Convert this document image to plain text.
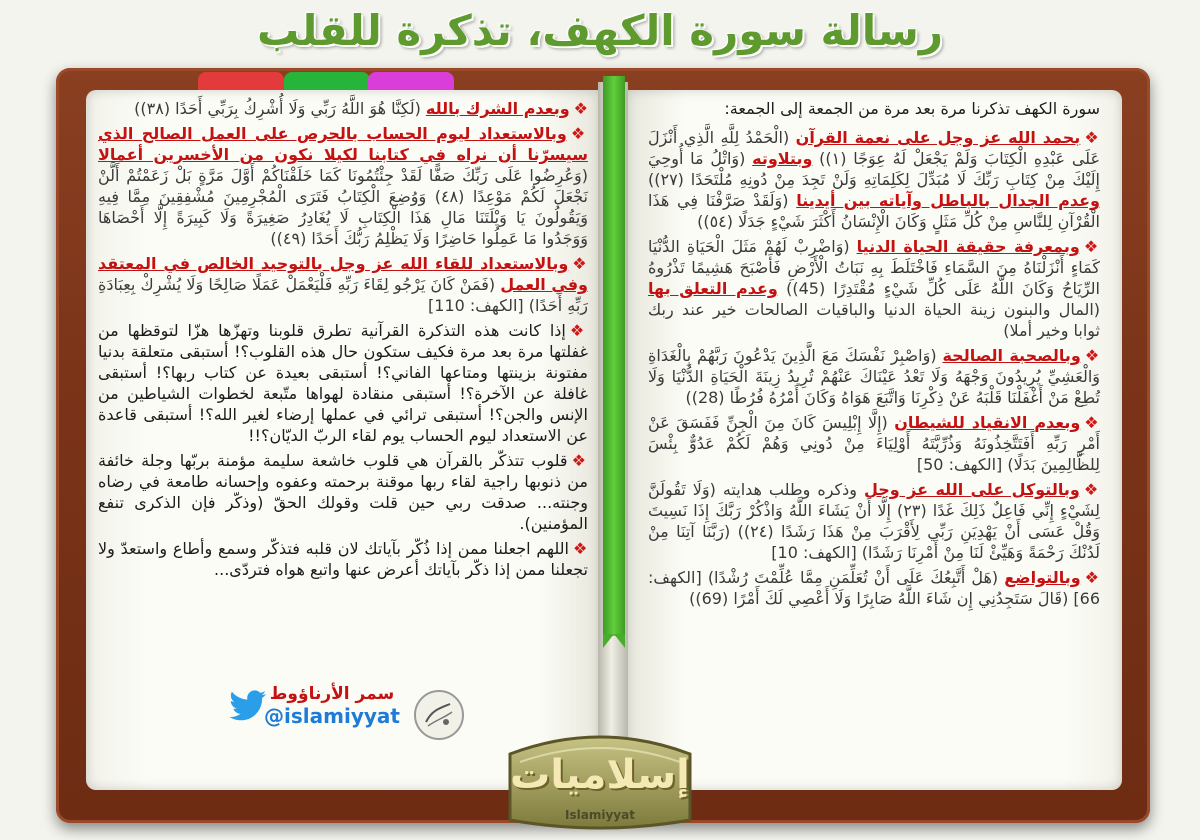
رسالة سورة الكهف، تذكرة للقلب

سورة الكهف تذكرنا مرة بعد مرة من الجمعة إلى الجمعة:

❖بحمد الله عز وجل على نعمة القرآن (الْحَمْدُ لِلَّهِ الَّذِي أَنْزَلَ عَلَى عَبْدِهِ الْكِتَابَ وَلَمْ يَجْعَلْ لَهُ عِوَجًا (١)) وبتلاوته (وَاتْلُ مَا أُوحِيَ إِلَيْكَ مِنْ كِتَابِ رَبِّكَ لَا مُبَدِّلَ لِكَلِمَاتِهِ وَلَنْ تَجِدَ مِنْ دُونِهِ مُلْتَحَدًا (٢٧)) وعدم الجدال بالباطل وآياته بين أيدينا (وَلَقَدْ صَرَّفْنَا فِي هَذَا الْقُرْآنِ لِلنَّاسِ مِنْ كُلِّ مَثَلٍ وَكَانَ الْإِنْسَانُ أَكْثَرَ شَيْءٍ جَدَلًا (٥٤))

❖وبمعرفة حقيقة الحياة الدنيا (وَاضْرِبْ لَهُمْ مَثَلَ الْحَيَاةِ الدُّنْيَا كَمَاءٍ أَنْزَلْنَاهُ مِنَ السَّمَاءِ فَاخْتَلَطَ بِهِ نَبَاتُ الْأَرْضِ فَأَصْبَحَ هَشِيمًا تَذْرُوهُ الرِّيَاحُ وَكَانَ اللَّهُ عَلَى كُلِّ شَيْءٍ مُقْتَدِرًا (45)) وعدم التعلق بها (المال والبنون زينة الحياة الدنيا والباقيات الصالحات خير عند ربك ثوابا وخير أملا)

❖وبالصحبة الصالحة (وَاصْبِرْ نَفْسَكَ مَعَ الَّذِينَ يَدْعُونَ رَبَّهُمْ بِالْغَدَاةِ وَالْعَشِيِّ يُرِيدُونَ وَجْهَهُ وَلَا تَعْدُ عَيْنَاكَ عَنْهُمْ تُرِيدُ زِينَةَ الْحَيَاةِ الدُّنْيَا وَلَا تُطِعْ مَنْ أَغْفَلْنَا قَلْبَهُ عَنْ ذِكْرِنَا وَاتَّبَعَ هَوَاهُ وَكَانَ أَمْرُهُ فُرُطًا (28))

❖وبعدم الانقياد للشيطان (إِلَّا إِبْلِيسَ كَانَ مِنَ الْجِنِّ فَفَسَقَ عَنْ أَمْرِ رَبِّهِ أَفَتَتَّخِذُونَهُ وَذُرِّيَّتَهُ أَوْلِيَاءَ مِنْ دُونِي وَهُمْ لَكُمْ عَدُوٌّ بِئْسَ لِلظَّالِمِينَ بَدَلًا) [الكهف: 50]

❖وبالتوكل على الله عز وجل وذكره وطلب هدايته (وَلَا تَقُولَنَّ لِشَيْءٍ إِنِّي فَاعِلٌ ذَلِكَ غَدًا (٢٣) إِلَّا أَنْ يَشَاءَ اللَّهُ وَاذْكُرْ رَبَّكَ إِذَا نَسِيتَ وَقُلْ عَسَى أَنْ يَهْدِيَنِ رَبِّي لِأَقْرَبَ مِنْ هَذَا رَشَدًا (٢٤)) (رَبَّنَا آتِنَا مِنْ لَدُنْكَ رَحْمَةً وَهَيِّئْ لَنَا مِنْ أَمْرِنَا رَشَدًا) [الكهف: 10]

❖وبالتواضع (هَلْ أَتَّبِعُكَ عَلَى أَنْ تُعَلِّمَنِ مِمَّا عُلِّمْتَ رُشْدًا) [الكهف: 66] (قَالَ سَتَجِدُنِي إِن شَاءَ اللَّهُ صَابِرًا وَلَا أَعْصِي لَكَ أَمْرًا (69))

❖وبعدم الشرك بالله (لَكِنَّا هُوَ اللَّهُ رَبِّي وَلَا أُشْرِكُ بِرَبِّي أَحَدًا (٣٨))

❖وبالاستعداد ليوم الحساب بالحرص على العمل الصالح الذي سيسرّنا أن نراه في كتابنا لكيلا نكون من الأخسرين أعمالا (وَعُرِضُوا عَلَى رَبِّكَ صَفًّا لَقَدْ جِئْتُمُونَا كَمَا خَلَقْنَاكُمْ أَوَّلَ مَرَّةٍ بَلْ زَعَمْتُمْ أَلَّنْ نَجْعَلَ لَكُمْ مَوْعِدًا (٤٨) وَوُضِعَ الْكِتَابُ فَتَرَى الْمُجْرِمِينَ مُشْفِقِينَ مِمَّا فِيهِ وَيَقُولُونَ يَا وَيْلَتَنَا مَالِ هَذَا الْكِتَابِ لَا يُغَادِرُ صَغِيرَةً وَلَا كَبِيرَةً إِلَّا أَحْصَاهَا وَوَجَدُوا مَا عَمِلُوا حَاضِرًا وَلَا يَظْلِمُ رَبُّكَ أَحَدًا (٤٩))

❖وبالاستعداد للقاء الله عز وجل بالتوحيد الخالص في المعتقد وفي العمل (فَمَنْ كَانَ يَرْجُو لِقَاءَ رَبِّهِ فَلْيَعْمَلْ عَمَلًا صَالِحًا وَلَا يُشْرِكْ بِعِبَادَةِ رَبِّهِ أَحَدًا) [الكهف: 110]

❖إذا كانت هذه التذكرة القرآنية تطرق قلوبنا وتهزّها هزّا لتوقظها من غفلتها مرة بعد مرة فكيف ستكون حال هذه القلوب؟! أستبقى متعلقة بدنيا مفتونة بزينتها ومتاعها الفاني؟! أستبقى بعيدة عن كتاب ربها؟! أستبقى غافلة عن الآخرة؟! أستبقى منقادة لهواها متّبعة لخطوات الشياطين من الإنس والجن؟! أستبقى ترائي في عملها إرضاء لغير الله؟! أستبقى قاعدة عن الاستعداد ليوم الحساب يوم لقاء الربّ الديّان؟!!

❖قلوب تتذكّر بالقرآن هي قلوب خاشعة سليمة مؤمنة بربّها وجلة خائفة من ذنوبها راجية لقاء ربها موقنة برحمته وعفوه وإحسانه طامعة في رضاه وجنته... صدقت ربي حين قلت وقولك الحقّ (وذكّر فإن الذكرى تنفع المؤمنين).

❖اللهم اجعلنا ممن إذا ذُكّر بآياتك لان قلبه فتذكّر وسمع وأطاع واستعدّ ولا تجعلنا ممن إذا ذكّر بآياتك أعرض عنها واتبع هواه فتردّى...

سمر الأرناؤوط
@islamiyyat
إسلاميات
Islamiyyat
